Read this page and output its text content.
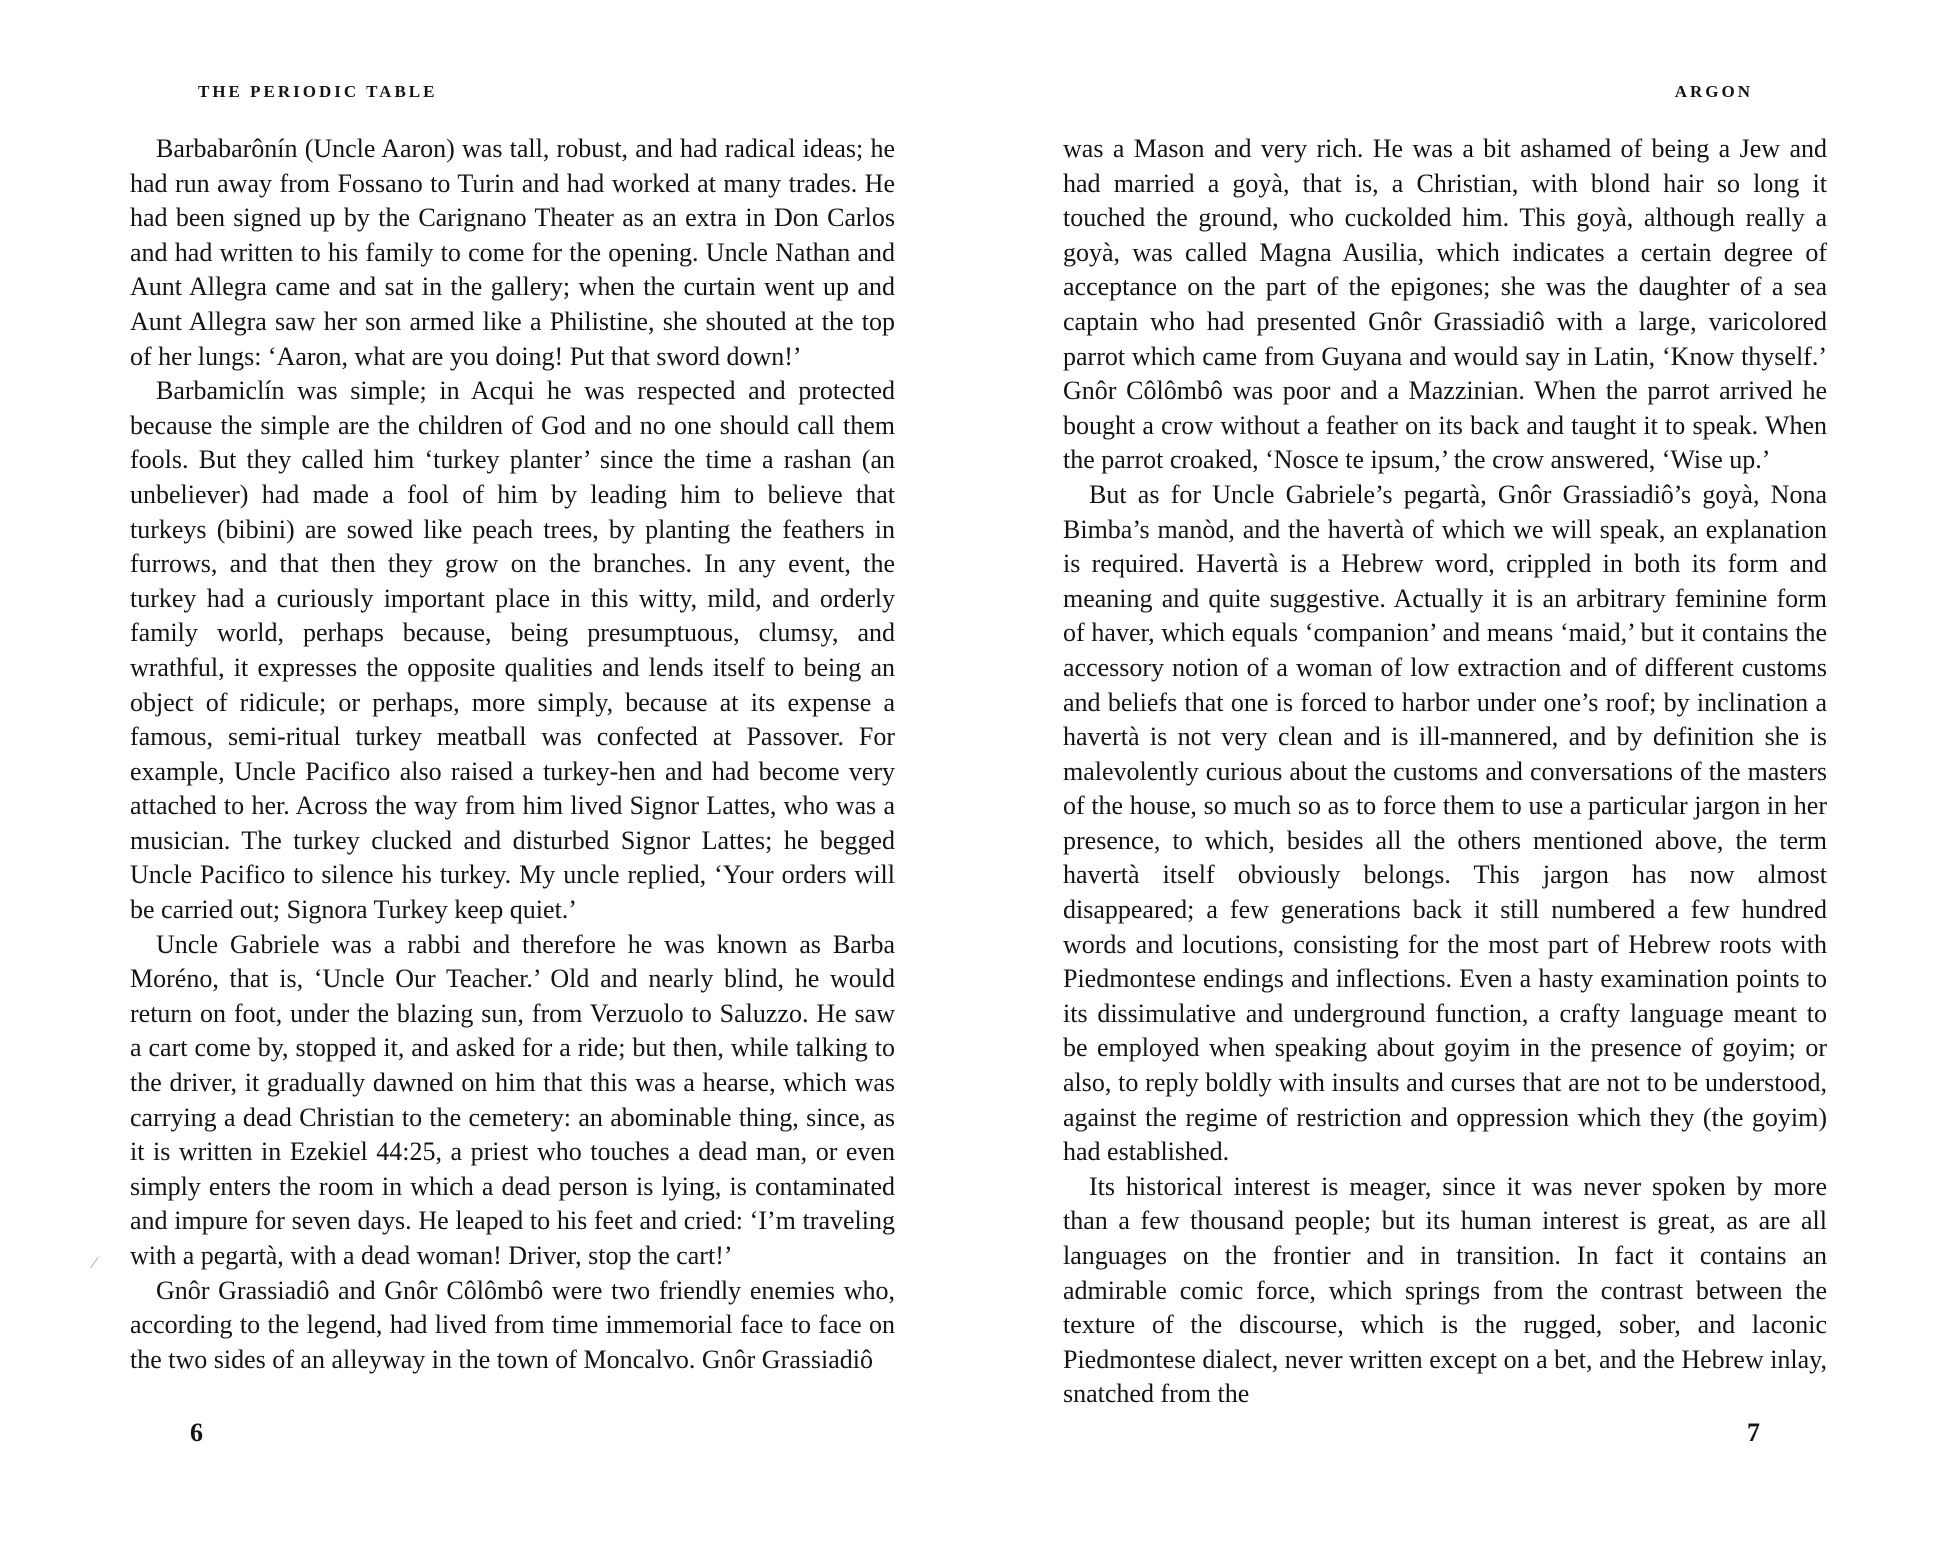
THE PERIODIC TABLE

Barbabarônín (Uncle Aaron) was tall, robust, and had radical ideas; he had run away from Fossano to Turin and had worked at many trades. He had been signed up by the Carignano Theater as an extra in Don Carlos and had written to his family to come for the opening. Uncle Nathan and Aunt Allegra came and sat in the gallery; when the curtain went up and Aunt Allegra saw her son armed like a Philistine, she shouted at the top of her lungs: ‘Aaron, what are you doing! Put that sword down!’

Barbamiclín was simple; in Acqui he was respected and protected because the simple are the children of God and no one should call them fools. But they called him ‘turkey planter’ since the time a rashan (an unbeliever) had made a fool of him by leading him to believe that turkeys (bibini) are sowed like peach trees, by planting the feathers in furrows, and that then they grow on the branches. In any event, the turkey had a curiously important place in this witty, mild, and orderly family world, perhaps because, being presumptuous, clumsy, and wrathful, it expresses the opposite qualities and lends itself to being an object of ridicule; or perhaps, more simply, because at its expense a famous, semi-ritual turkey meatball was confected at Passover. For example, Uncle Pacifico also raised a turkey-hen and had become very attached to her. Across the way from him lived Signor Lattes, who was a musician. The turkey clucked and disturbed Signor Lattes; he begged Uncle Pacifico to silence his turkey. My uncle replied, ‘Your orders will be carried out; Signora Turkey keep quiet.’

Uncle Gabriele was a rabbi and therefore he was known as Barba Moréno, that is, ‘Uncle Our Teacher.’ Old and nearly blind, he would return on foot, under the blazing sun, from Verzuolo to Saluzzo. He saw a cart come by, stopped it, and asked for a ride; but then, while talking to the driver, it gradually dawned on him that this was a hearse, which was carrying a dead Christian to the cemetery: an abominable thing, since, as it is written in Ezekiel 44:25, a priest who touches a dead man, or even simply enters the room in which a dead person is lying, is contaminated and impure for seven days. He leaped to his feet and cried: ‘I’m traveling with a pegartà, with a dead woman! Driver, stop the cart!’

Gnôr Grassiadiô and Gnôr Côlômbô were two friendly enemies who, according to the legend, had lived from time immemorial face to face on the two sides of an alleyway in the town of Moncalvo. Gnôr Grassiadiô

⁄

6

ARGON

was a Mason and very rich. He was a bit ashamed of being a Jew and had married a goyà, that is, a Christian, with blond hair so long it touched the ground, who cuckolded him. This goyà, although really a goyà, was called Magna Ausilia, which indicates a certain degree of acceptance on the part of the epigones; she was the daughter of a sea captain who had presented Gnôr Grassiadiô with a large, varicolored parrot which came from Guyana and would say in Latin, ‘Know thyself.’ Gnôr Côlômbô was poor and a Mazzinian. When the parrot arrived he bought a crow without a feather on its back and taught it to speak. When the parrot croaked, ‘Nosce te ipsum,’ the crow answered, ‘Wise up.’

But as for Uncle Gabriele’s pegartà, Gnôr Grassiadiô’s goyà, Nona Bimba’s manòd, and the havertà of which we will speak, an explanation is required. Havertà is a Hebrew word, crippled in both its form and meaning and quite suggestive. Actually it is an arbitrary feminine form of haver, which equals ‘companion’ and means ‘maid,’ but it contains the accessory notion of a woman of low extraction and of different customs and beliefs that one is forced to harbor under one’s roof; by inclination a havertà is not very clean and is ill-mannered, and by definition she is malevolently curious about the customs and conversations of the masters of the house, so much so as to force them to use a particular jargon in her presence, to which, besides all the others mentioned above, the term havertà itself obviously belongs. This jargon has now almost disappeared; a few generations back it still numbered a few hundred words and locutions, consisting for the most part of Hebrew roots with Piedmontese endings and inflections. Even a hasty examination points to its dissimulative and underground function, a crafty language meant to be employed when speaking about goyim in the presence of goyim; or also, to reply boldly with insults and curses that are not to be understood, against the regime of restriction and oppression which they (the goyim) had established.

Its historical interest is meager, since it was never spoken by more than a few thousand people; but its human interest is great, as are all languages on the frontier and in transition. In fact it contains an admirable comic force, which springs from the contrast between the texture of the discourse, which is the rugged, sober, and laconic Piedmontese dialect, never written except on a bet, and the Hebrew inlay, snatched from the

7
